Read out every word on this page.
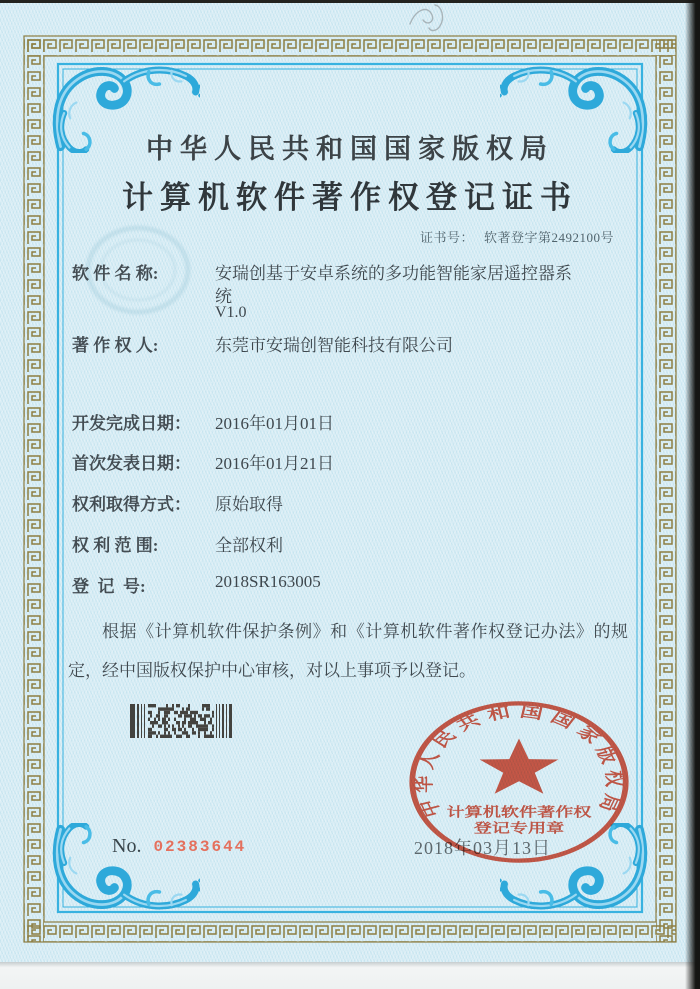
中华人民共和国国家版权局
计算机软件著作权登记证书
证书号： 软著登字第2492100号
软 件 名 称:	安瑞创基于安卓系统的多功能智能家居遥控器系
统
V1.0
著 作 权 人:	东莞市安瑞创智能科技有限公司
开发完成日期： 2016年01月01日
首次发表日期： 2016年01月21日
权利取得方式： 原始取得
权 利 范 围:	全部权利
登  记  号:	2018SR163005
根据《计算机软件保护条例》和《计算机软件著作权登记办法》的规定，经中国版权保护中心审核，对以上事项予以登记。
2018年03月13日
中华人民共和国国家版权局
计算机软件著作权
登记专用章
No. 02383644
